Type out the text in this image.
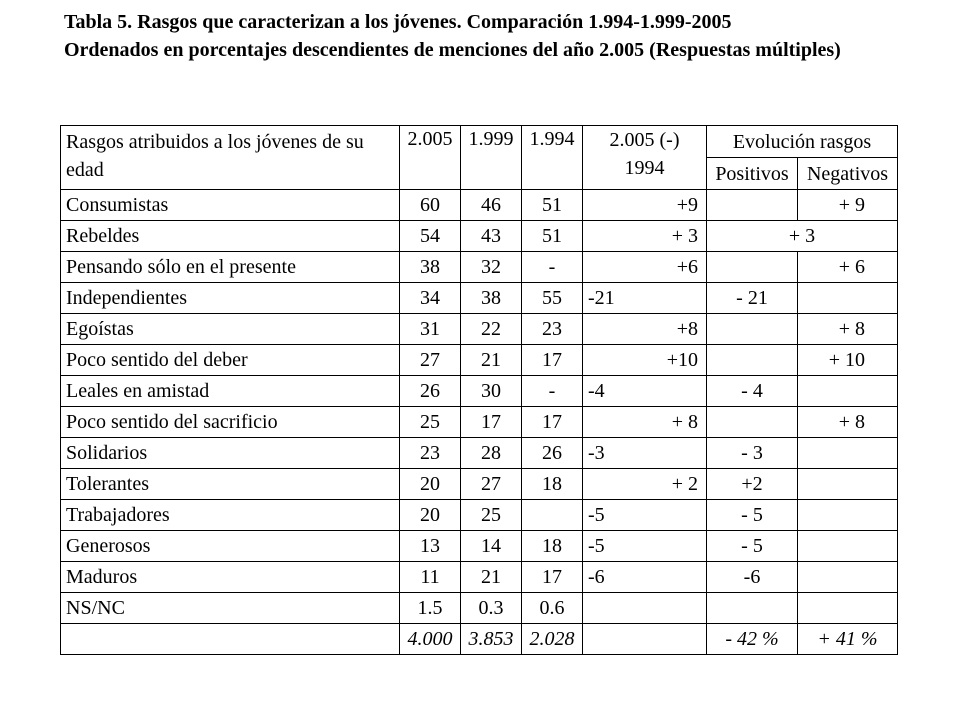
Tabla 5. Rasgos que caracterizan a los jóvenes. Comparación 1.994-1.999-2005
Ordenados en porcentajes descendientes de menciones del año 2.005 (Respuestas múltiples)
Rasgos atribuidos a los jóvenes de su edad	2.005	1.999	1.994	2.005 (-) 1994	Evolución rasgos	
					Positivos	Negativos
Consumistas	60	46	51	+9		+ 9
Rebeldes	54	43	51	+ 3	+ 3	
Pensando sólo en el presente	38	32	-	+6		+ 6
Independientes	34	38	55	-21	- 21	
Egoístas	31	22	23	+8		+ 8
Poco sentido del deber	27	21	17	+10		+ 10
Leales en amistad	26	30	-	-4	- 4	
Poco sentido del sacrificio	25	17	17	+ 8		+ 8
Solidarios	23	28	26	-3	- 3	
Tolerantes	20	27	18	+ 2	+2	
Trabajadores	20	25		-5	- 5	
Generosos	13	14	18	-5	- 5	
Maduros	11	21	17	-6	-6	
NS/NC	1.5	0.3	0.6			
	4.000	3.853	2.028		- 42 %	+ 41 %
